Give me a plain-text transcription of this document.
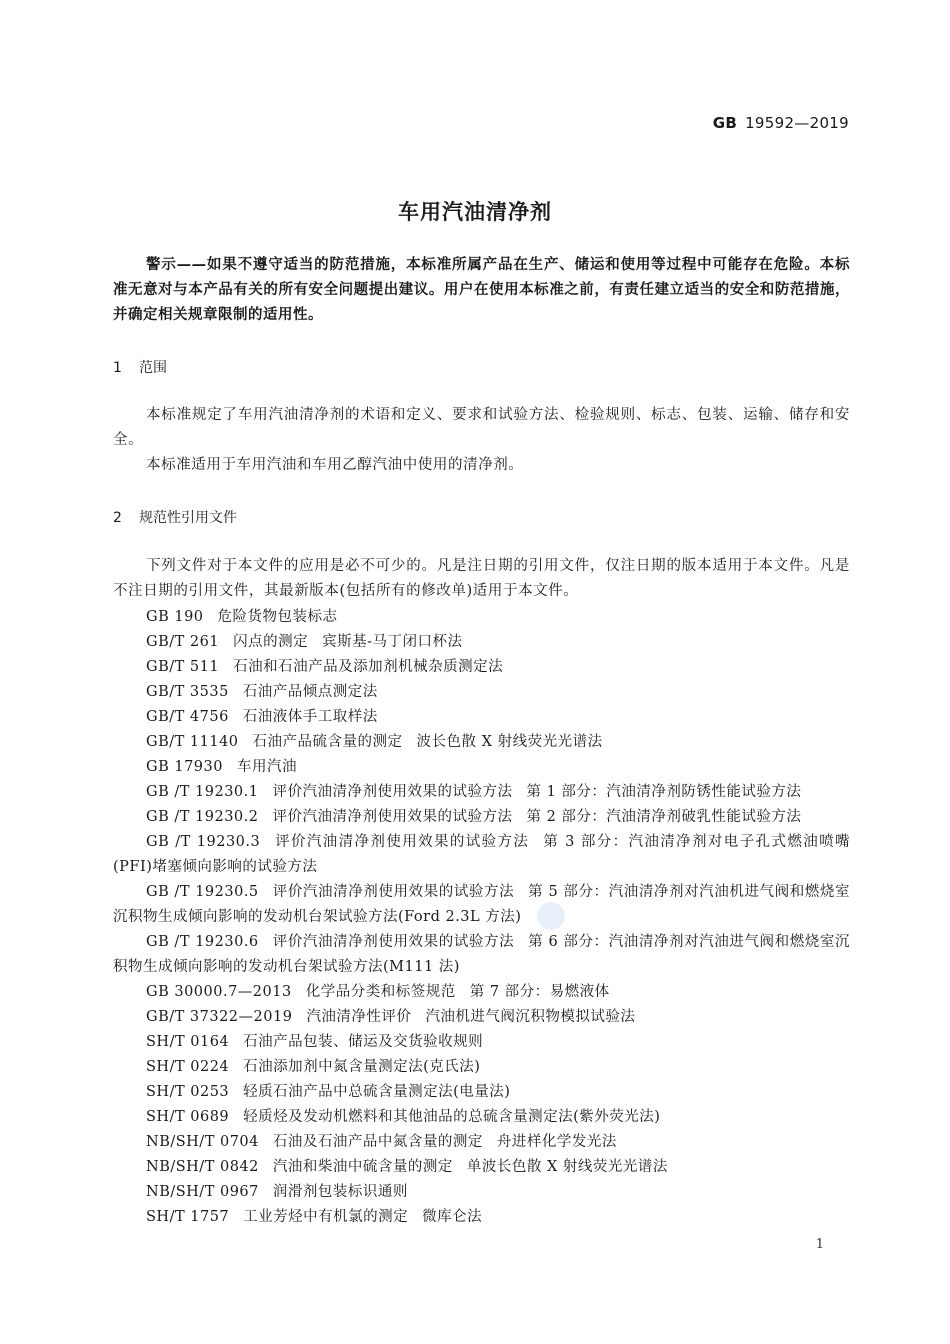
GB 19592—2019
车用汽油清净剂
警示——如果不遵守适当的防范措施，本标准所属产品在生产、储运和使用等过程中可能存在危险。本标准无意对与本产品有关的所有安全问题提出建议。用户在使用本标准之前，有责任建立适当的安全和防范措施，并确定相关规章限制的适用性。
1 范围
本标准规定了车用汽油清净剂的术语和定义、要求和试验方法、检验规则、标志、包装、运输、储存和安全。
本标准适用于车用汽油和车用乙醇汽油中使用的清净剂。
2 规范性引用文件
下列文件对于本文件的应用是必不可少的。凡是注日期的引用文件，仅注日期的版本适用于本文件。凡是不注日期的引用文件，其最新版本(包括所有的修改单)适用于本文件。
GB 190 危险货物包装标志
GB/T 261 闪点的测定 宾斯基-马丁闭口杯法
GB/T 511 石油和石油产品及添加剂机械杂质测定法
GB/T 3535 石油产品倾点测定法
GB/T 4756 石油液体手工取样法
GB/T 11140 石油产品硫含量的测定 波长色散 X 射线荧光光谱法
GB 17930 车用汽油
GB /T 19230.1 评价汽油清净剂使用效果的试验方法 第 1 部分：汽油清净剂防锈性能试验方法
GB /T 19230.2 评价汽油清净剂使用效果的试验方法 第 2 部分：汽油清净剂破乳性能试验方法
GB /T 19230.3 评价汽油清净剂使用效果的试验方法 第 3 部分：汽油清净剂对电子孔式燃油喷嘴(PFI)堵塞倾向影响的试验方法
GB /T 19230.5 评价汽油清净剂使用效果的试验方法 第 5 部分：汽油清净剂对汽油机进气阀和燃烧室沉积物生成倾向影响的发动机台架试验方法(Ford 2.3L 方法)
GB /T 19230.6 评价汽油清净剂使用效果的试验方法 第 6 部分：汽油清净剂对汽油进气阀和燃烧室沉积物生成倾向影响的发动机台架试验方法(M111 法)
GB 30000.7—2013 化学品分类和标签规范 第 7 部分：易燃液体
GB/T 37322—2019 汽油清净性评价 汽油机进气阀沉积物模拟试验法
SH/T 0164 石油产品包装、储运及交货验收规则
SH/T 0224 石油添加剂中氮含量测定法(克氏法)
SH/T 0253 轻质石油产品中总硫含量测定法(电量法)
SH/T 0689 轻质烃及发动机燃料和其他油品的总硫含量测定法(紫外荧光法)
NB/SH/T 0704 石油及石油产品中氮含量的测定 舟进样化学发光法
NB/SH/T 0842 汽油和柴油中硫含量的测定 单波长色散 X 射线荧光光谱法
NB/SH/T 0967 润滑剂包装标识通则
SH/T 1757 工业芳烃中有机氯的测定 微库仑法
1
